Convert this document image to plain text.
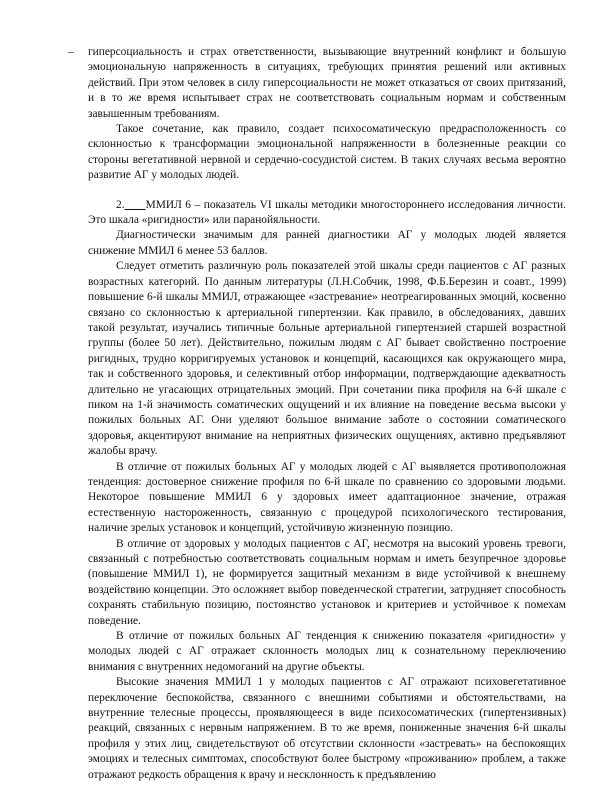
– гиперсоциальность и страх ответственности, вызывающие внутренний конфликт и большую эмоциональную напряженность в ситуациях, требующих принятия решений или активных действий. При этом человек в силу гиперсоциальности не может отказаться от своих притязаний, и в то же время испытывает страх не соответствовать социальным нормам и собственным завышенным требованиям.

Такое сочетание, как правило, создает психосоматическую предрасположенность со склонностью к трансформации эмоциональной напряженности в болезненные реакции со стороны вегетативной нервной и сердечно-сосудистой систем. В таких случаях весьма вероятно развитие АГ у молодых людей.

2. ММИЛ 6 – показатель VI шкалы методики многостороннего исследования личности. Это шкала «ригидности» или паранойяльности.

Диагностически значимым для ранней диагностики АГ у молодых людей является снижение ММИЛ 6 менее 53 баллов.

Следует отметить различную роль показателей этой шкалы среди пациентов с АГ разных возрастных категорий. По данным литературы (Л.Н.Собчик, 1998, Ф.Б.Березин и соавт., 1999) повышение 6-й шкалы ММИЛ, отражающее «застревание» неотреагированных эмоций, косвенно связано со склонностью к артериальной гипертензии. Как правило, в обследованиях, давших такой результат, изучались типичные больные артериальной гипертензией старшей возрастной группы (более 50 лет). Действительно, пожилым людям с АГ бывает свойственно построение ригидных, трудно корригируемых установок и концепций, касающихся как окружающего мира, так и собственного здоровья, и селективный отбор информации, подтверждающие адекватность длительно не угасающих отрицательных эмоций. При сочетании пика профиля на 6-й шкале с пиком на 1-й значимость соматических ощущений и их влияние на поведение весьма высоки у пожилых больных АГ. Они уделяют большое внимание заботе о состоянии соматического здоровья, акцентируют внимание на неприятных физических ощущениях, активно предъявляют жалобы врачу.

В отличие от пожилых больных АГ у молодых людей с АГ выявляется противоположная тенденция: достоверное снижение профиля по 6-й шкале по сравнению со здоровыми людьми. Некоторое повышение ММИЛ 6 у здоровых имеет адаптационное значение, отражая естественную настороженность, связанную с процедурой психологического тестирования, наличие зрелых установок и концепций, устойчивую жизненную позицию.

В отличие от здоровых у молодых пациентов с АГ, несмотря на высокий уровень тревоги, связанный с потребностью соответствовать социальным нормам и иметь безупречное здоровье (повышение ММИЛ 1), не формируется защитный механизм в виде устойчивой к внешнему воздействию концепции. Это осложняет выбор поведенческой стратегии, затрудняет способность сохранять стабильную позицию, постоянство установок и критериев и устойчивое к помехам поведение.

В отличие от пожилых больных АГ тенденция к снижению показателя «ригидности» у молодых людей с АГ отражает склонность молодых лиц к сознательному переключению внимания с внутренних недомоганий на другие объекты.

Высокие значения ММИЛ 1 у молодых пациентов с АГ отражают психовегетативное переключение беспокойства, связанного с внешними событиями и обстоятельствами, на внутренние телесные процессы, проявляющееся в виде психосоматических (гипертензивных) реакций, связанных с нервным напряжением. В то же время, пониженные значения 6-й шкалы профиля у этих лиц, свидетельствуют об отсутствии склонности «застревать» на беспокоящих эмоциях и телесных симптомах, способствуют более быстрому «проживанию» проблем, а также отражают редкость обращения к врачу и несклонность к предъявлению
